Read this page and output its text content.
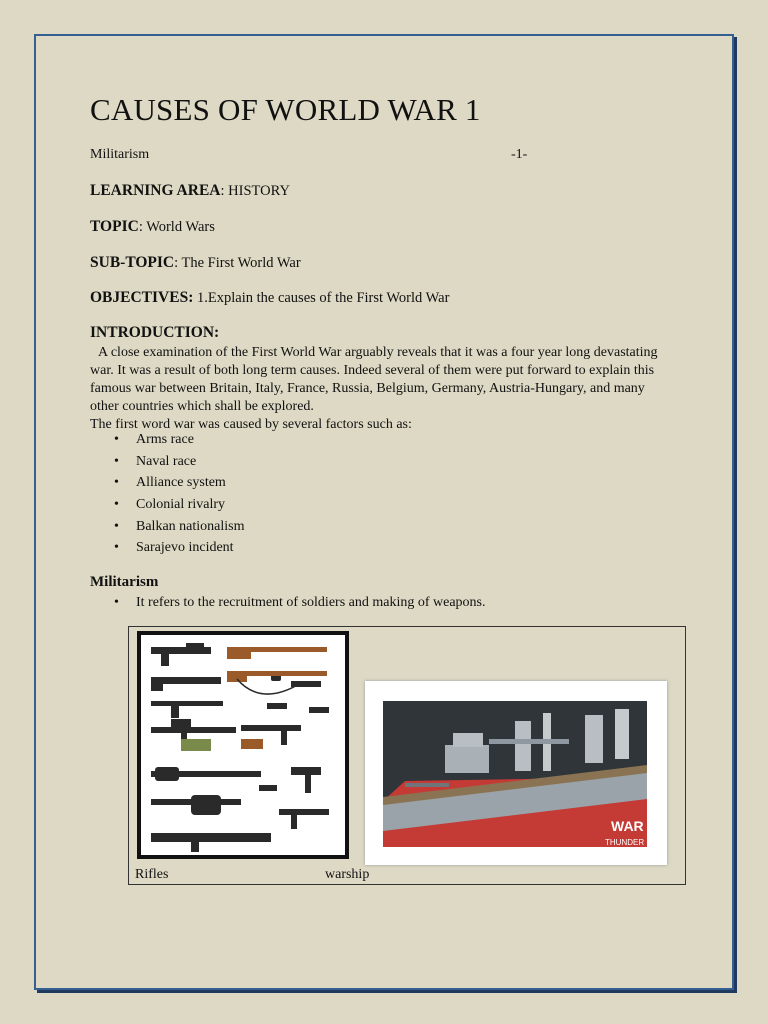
CAUSES OF WORLD WAR 1
Militarism	-1-
LEARNING AREA: HISTORY
TOPIC: World Wars
SUB-TOPIC: The First World War
OBJECTIVES: 1.Explain the causes of the First World War
INTRODUCTION:
A close examination of the First World War arguably reveals that it was a four year long devastating war. It was a result of both long term causes. Indeed several of them were put forward to explain this famous war between Britain, Italy, France, Russia, Belgium, Germany, Austria-Hungary, and many other countries which shall be explored.
The first word war was caused by several factors such as:
• Arms race
• Naval race
• Alliance system
• Colonial rivalry
• Balkan nationalism
• Sarajevo incident
Militarism
• It refers to the recruitment of soldiers and making of weapons.
WAR
THUNDER
Rifles	warship
